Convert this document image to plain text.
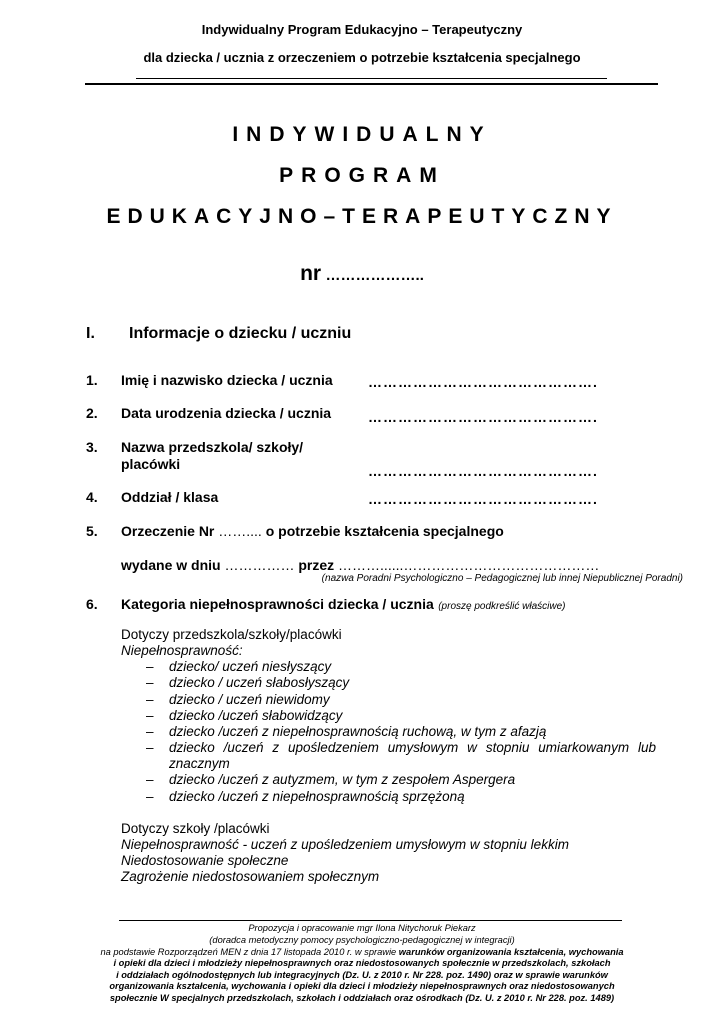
Indywidualny Program Edukacyjno – Terapeutyczny
dla dziecka / ucznia z orzeczeniem o potrzebie kształcenia specjalnego
INDYWIDUALNY
PROGRAM
EDUKACYJNO–TERAPEUTYCZNY
nr ………………..
I. Informacje o dziecku / uczniu
1. Imię i nazwisko dziecka / ucznia	……………………………………….
2. Data urodzenia dziecka / ucznia	……………………………………….
3. Nazwa przedszkola/ szkoły/
placówki	……………………………………….
4. Oddział / klasa	……………………………………….
5. Orzeczenie Nr …….... o potrzebie kształcenia specjalnego
wydane w dniu …………… przez ………......……………………………………
(nazwa Poradni Psychologiczno – Pedagogicznej lub innej Niepublicznej Poradni)
6. Kategoria niepełnosprawności dziecka / ucznia (proszę podkreślić właściwe)
Dotyczy przedszkola/szkoły/placówki
Niepełnosprawność:
– dziecko/ uczeń niesłyszący
– dziecko / uczeń słabosłyszący
– dziecko / uczeń niewidomy
– dziecko /uczeń słabowidzący
– dziecko /uczeń z niepełnosprawnością ruchową, w tym z afazją
– dziecko /uczeń z upośledzeniem umysłowym w stopniu umiarkowanym lub
znacznym
– dziecko /uczeń z autyzmem, w tym z zespołem Aspergera
– dziecko /uczeń z niepełnosprawnością sprzężoną
Dotyczy szkoły /placówki
Niepełnosprawność - uczeń z upośledzeniem umysłowym w stopniu lekkim
Niedostosowanie społeczne
Zagrożenie niedostosowaniem społecznym
Propozycja i opracowanie mgr Ilona Nitychoruk Piekarz
(doradca metodyczny pomocy psychologiczno-pedagogicznej w integracji)
na podstawie Rozporządzeń MEN z dnia 17 listopada 2010 r. w sprawie warunków organizowania kształcenia, wychowania
i opieki dla dzieci i młodzieży niepełnosprawnych oraz niedostosowanych społecznie w przedszkolach, szkołach
i oddziałach ogólnodostępnych lub integracyjnych (Dz. U. z 2010 r. Nr 228. poz. 1490) oraz w sprawie warunków
organizowania kształcenia, wychowania i opieki dla dzieci i młodzieży niepełnosprawnych oraz niedostosowanych
społecznie W specjalnych przedszkolach, szkołach i oddziałach oraz ośrodkach (Dz. U. z 2010 r. Nr 228. poz. 1489)
